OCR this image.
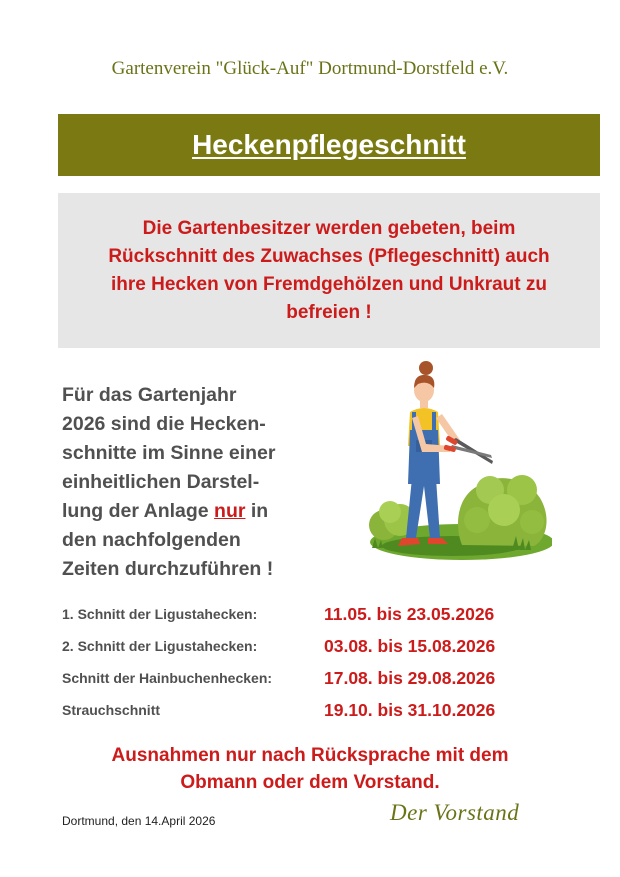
Gartenverein "Glück-Auf" Dortmund-Dorstfeld e.V.
Heckenpflegeschnitt

Die Gartenbesitzer werden gebeten, beim
Rückschnitt des Zuwachses (Pflegeschnitt) auch
ihre Hecken von Fremdgehölzen und Unkraut zu
befreien !

Für das Gartenjahr
2026 sind die Hecken-
schnitte im Sinne einer
einheitlichen Darstel-
lung der Anlage nur in
den nachfolgenden
Zeiten durchzuführen !
1. Schnitt der Ligustahecken:	11.05. bis 23.05.2026
2. Schnitt der Ligustahecken:	03.08. bis 15.08.2026
Schnitt der Hainbuchenhecken:	17.08. bis 29.08.2026
Strauchschnitt	19.10. bis 31.10.2026
Ausnahmen nur nach Rücksprache mit dem
Obmann oder dem Vorstand.
Dortmund, den 14.April 2026	Der Vorstand
